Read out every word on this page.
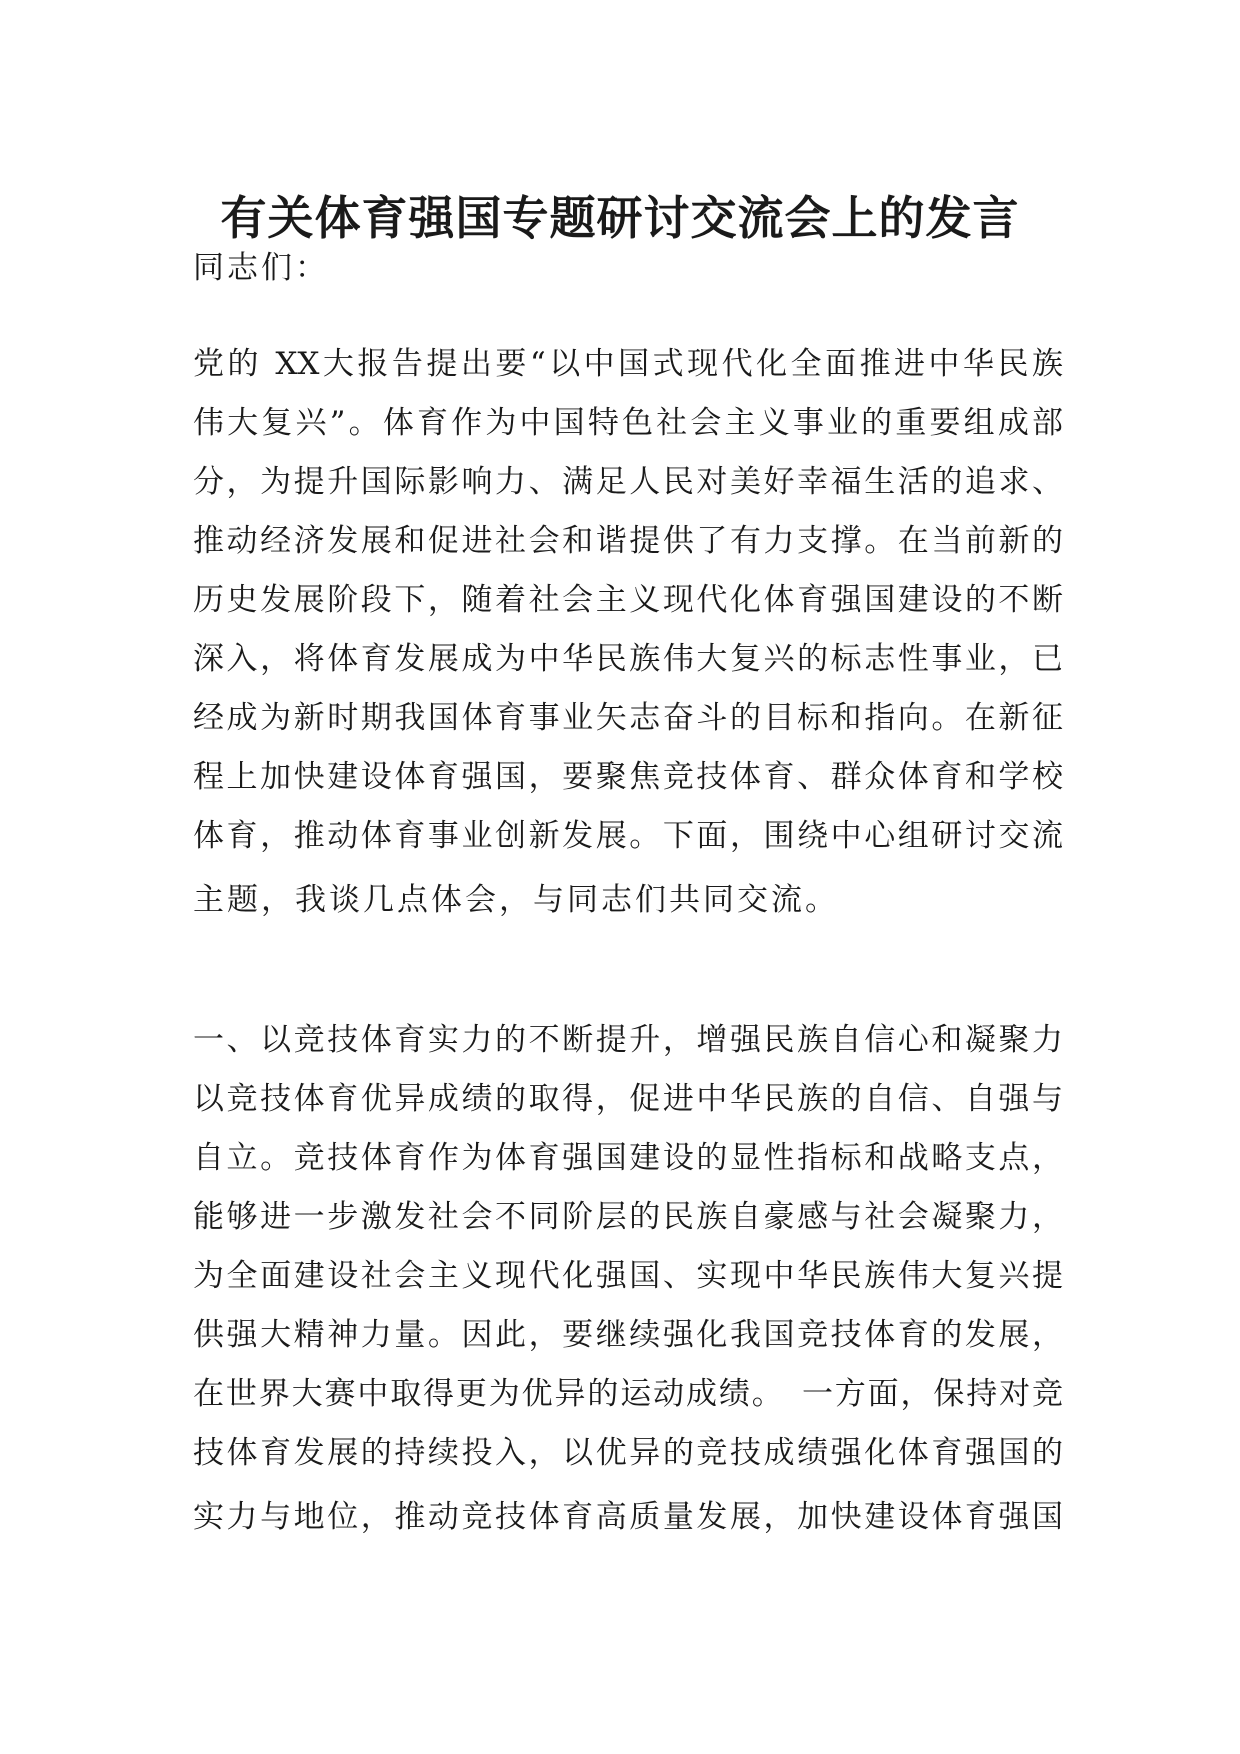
有关体育强国专题研讨交流会上的发言

同志们：

党的 XX大报告提出要“以中国式现代化全面推进中华民族

伟大复兴”。体育作为中国特色社会主义事业的重要组成部

分，为提升国际影响力、满足人民对美好幸福生活的追求、

推动经济发展和促进社会和谐提供了有力支撑。在当前新的

历史发展阶段下，随着社会主义现代化体育强国建设的不断

深入，将体育发展成为中华民族伟大复兴的标志性事业，已

经成为新时期我国体育事业矢志奋斗的目标和指向。在新征

程上加快建设体育强国，要聚焦竞技体育、群众体育和学校

体育，推动体育事业创新发展。下面，围绕中心组研讨交流

主题，我谈几点体会，与同志们共同交流。

一、以竞技体育实力的不断提升，增强民族自信心和凝聚力

以竞技体育优异成绩的取得，促进中华民族的自信、自强与

自立。竞技体育作为体育强国建设的显性指标和战略支点，

能够进一步激发社会不同阶层的民族自豪感与社会凝聚力，

为全面建设社会主义现代化强国、实现中华民族伟大复兴提

供强大精神力量。因此，要继续强化我国竞技体育的发展，

在世界大赛中取得更为优异的运动成绩。　一方面，保持对竞

技体育发展的持续投入，以优异的竞技成绩强化体育强国的

实力与地位，推动竞技体育高质量发展，加快建设体育强国
